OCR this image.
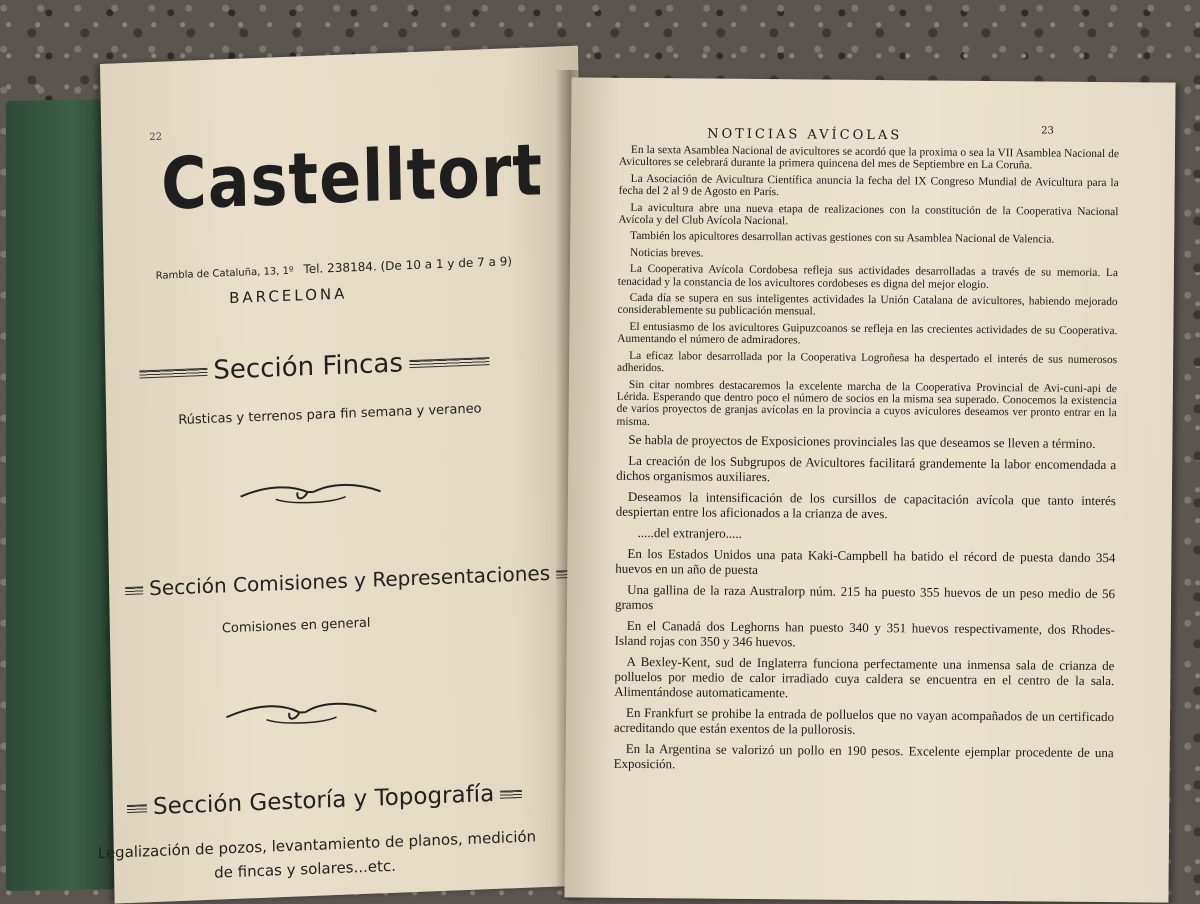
22
Castelltort
Rambla de Cataluña, 13, 1º Tel. 238184. (De 10 a 1 y de 7 a 9)
BARCELONA
Sección Fincas
Rústicas y terrenos para fin semana y veraneo
Sección Comisiones y Representaciones
Comisiones en general
Sección Gestoría y Topografía
Legalización de pozos, levantamiento de planos, medición
de fincas y solares...etc.
NOTICIAS AVÍCOLAS	23

En la sexta Asamblea Nacional de avicultores se acordó que la proxima o sea la VII Asamblea Nacional de Avicultores se celebrará durante la primera quincena del mes de Septiembre en La Coruña.

La Asociación de Avicultura Científica anuncia la fecha del IX Congreso Mundial de Avicultura para la fecha del 2 al 9 de Agosto en París.

La avicultura abre una nueva etapa de realizaciones con la constitución de la Cooperativa Nacional Avícola y del Club Avícola Nacional.

También los apicultores desarrollan activas gestiones con su Asamblea Nacional de Valencia.

Noticias breves.

La Cooperativa Avícola Cordobesa refleja sus actividades desarrolladas a través de su memoria. La tenacidad y la constancia de los avicultores cordobeses es digna del mejor elogio.

Cada día se supera en sus inteligentes actividades la Unión Catalana de avicultores, habiendo mejorado considerablemente su publicación mensual.

El entusiasmo de los avicultores Guipuzcoanos se refleja en las crecientes actividades de su Cooperativa. Aumentando el número de admiradores.

La eficaz labor desarrollada por la Cooperativa Logroñesa ha despertado el interés de sus numerosos adheridos.

Sin citar nombres destacaremos la excelente marcha de la Cooperativa Provincial de Avi-cuni-api de Lérida. Esperando que dentro poco el número de socios en la misma sea superado. Conocemos la existencia de varios proyectos de granjas avícolas en la provincia a cuyos aviculores deseamos ver pronto entrar en la misma.

Se habla de proyectos de Exposiciones provinciales las que deseamos se lleven a término.

La creación de los Subgrupos de Avicultores facilitará grandemente la labor encomendada a dichos organismos auxiliares.

Deseamos la intensificación de los cursillos de capacitación avícola que tanto interés despiertan entre los aficionados a la crianza de aves.

.....del extranjero.....

En los Estados Unidos una pata Kaki-Campbell ha batido el récord de puesta dando 354 huevos en un año de puesta

Una gallina de la raza Australorp núm. 215 ha puesto 355 huevos de un peso medio de 56 gramos

En el Canadá dos Leghorns han puesto 340 y 351 huevos respectivamente, dos Rhodes-Island rojas con 350 y 346 huevos.

A Bexley-Kent, sud de Inglaterra funciona perfectamente una inmensa sala de crianza de polluelos por medio de calor irradiado cuya caldera se encuentra en el centro de la sala. Alimentándose automaticamente.

En Frankfurt se prohibe la entrada de polluelos que no vayan acompañados de un certificado acreditando que están exentos de la pullorosis.

En la Argentina se valorizó un pollo en 190 pesos. Excelente ejemplar procedente de una Exposición.
